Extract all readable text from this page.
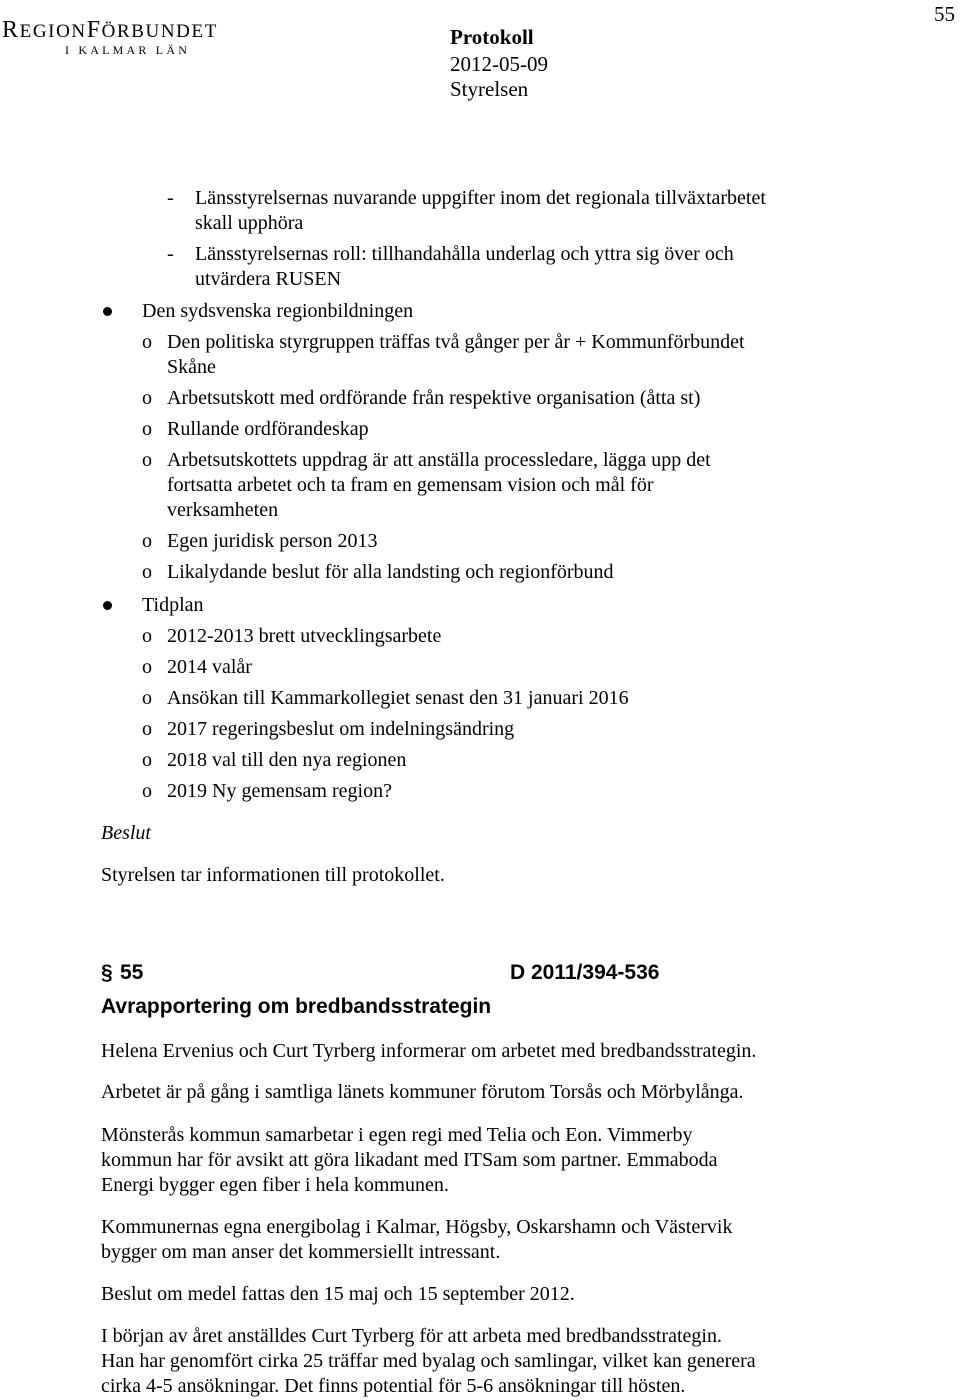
55
REGIONFÖRBUNDET
I KALMAR LÄN
Protokoll
2012-05-09
Styrelsen
- Länsstyrelsernas nuvarande uppgifter inom det regionala tillväxtarbetet
skall upphöra
- Länsstyrelsernas roll: tillhandahålla underlag och yttra sig över och
utvärdera RUSEN
Den sydsvenska regionbildningen
o Den politiska styrgruppen träffas två gånger per år + Kommunförbundet
Skåne
o Arbetsutskott med ordförande från respektive organisation (åtta st)
o Rullande ordförandeskap
o Arbetsutskottets uppdrag är att anställa processledare, lägga upp det
fortsatta arbetet och ta fram en gemensam vision och mål för
verksamheten
o Egen juridisk person 2013
o Likalydande beslut för alla landsting och regionförbund
Tidplan
o 2012-2013 brett utvecklingsarbete
o 2014 valår
o Ansökan till Kammarkollegiet senast den 31 januari 2016
o 2017 regeringsbeslut om indelningsändring
o 2018 val till den nya regionen
o 2019 Ny gemensam region?
Beslut
Styrelsen tar informationen till protokollet.
§ 55	D 2011/394-536
Avrapportering om bredbandsstrategin
Helena Ervenius och Curt Tyrberg informerar om arbetet med bredbandsstrategin.
Arbetet är på gång i samtliga länets kommuner förutom Torsås och Mörbylånga.
Mönsterås kommun samarbetar i egen regi med Telia och Eon. Vimmerby
kommun har för avsikt att göra likadant med ITSam som partner. Emmaboda
Energi bygger egen fiber i hela kommunen.
Kommunernas egna energibolag i Kalmar, Högsby, Oskarshamn och Västervik
bygger om man anser det kommersiellt intressant.
Beslut om medel fattas den 15 maj och 15 september 2012.
I början av året anställdes Curt Tyrberg för att arbeta med bredbandsstrategin.
Han har genomfört cirka 25 träffar med byalag och samlingar, vilket kan generera
cirka 4-5 ansökningar. Det finns potential för 5-6 ansökningar till hösten.
